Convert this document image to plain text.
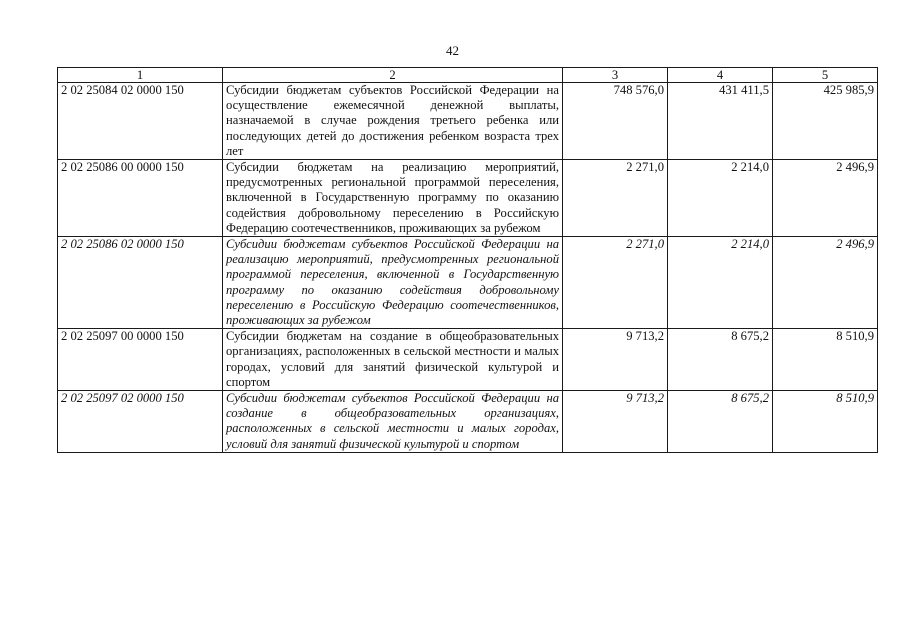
42
1	2	3	4	5
2 02 25084 02 0000 150	Субсидии бюджетам субъектов Российской Федерации на осуществление ежемесячной денежной выплаты, назначаемой в случае рождения третьего ребенка или последующих детей до достижения ребенком возраста трех лет	748 576,0	431 411,5	425 985,9
2 02 25086 00 0000 150	Субсидии бюджетам на реализацию мероприятий, предусмотренных региональной программой переселения, включенной в Государственную программу по оказанию содействия добровольному переселению в Российскую Федерацию соотечественников, проживающих за рубежом	2 271,0	2 214,0	2 496,9
2 02 25086 02 0000 150	Субсидии бюджетам субъектов Российской Федерации на реализацию мероприятий, предусмотренных региональной программой переселения, включенной в Государственную программу по оказанию содействия добровольному переселению в Российскую Федерацию соотечественников, проживающих за рубежом	2 271,0	2 214,0	2 496,9
2 02 25097 00 0000 150	Субсидии бюджетам на создание в общеобразовательных организациях, расположенных в сельской местности и малых городах, условий для занятий физической культурой и спортом	9 713,2	8 675,2	8 510,9
2 02 25097 02 0000 150	Субсидии бюджетам субъектов Российской Федерации на создание в общеобразовательных организациях, расположенных в сельской местности и малых городах, условий для занятий физической культурой и спортом	9 713,2	8 675,2	8 510,9
